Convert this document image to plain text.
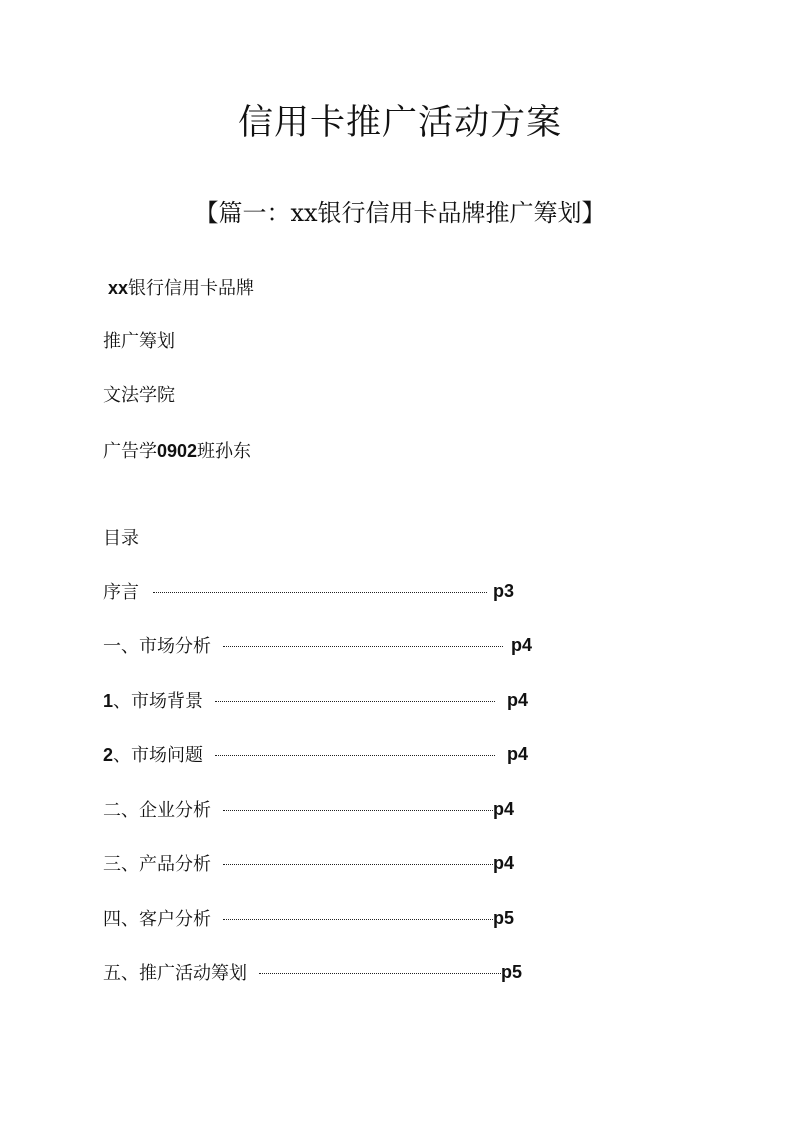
信用卡推广活动方案
【篇一：xx银行信用卡品牌推广筹划】
xx银行信用卡品牌
推广筹划
文法学院
广告学0902班孙东
目录
序言	p3
一、市场分析	p4
1、市场背景	p4
2、市场问题	p4
二、企业分析	p4
三、产品分析	p4
四、客户分析	p5
五、推广活动筹划	p5
